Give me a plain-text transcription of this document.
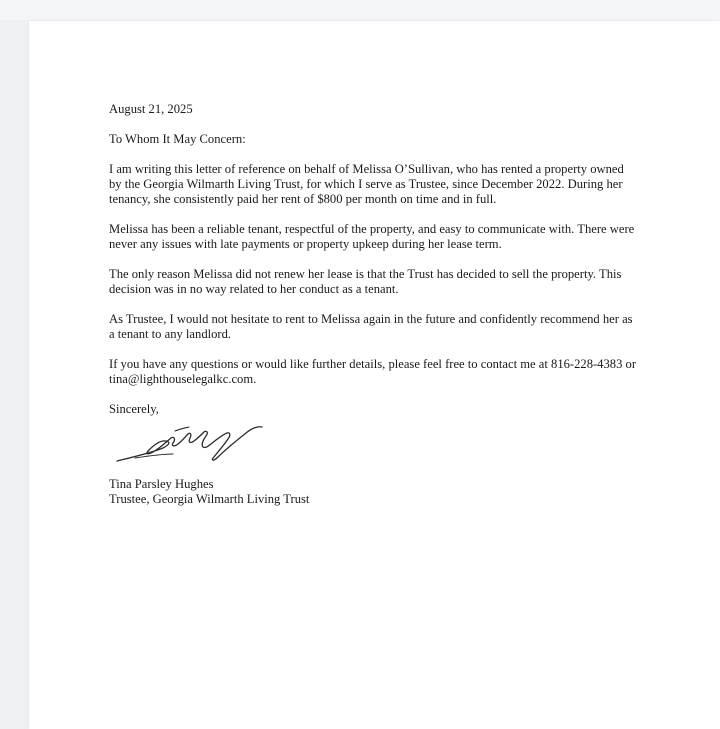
August 21, 2025

To Whom It May Concern:

I am writing this letter of reference on behalf of Melissa O’Sullivan, who has rented a property owned by the Georgia Wilmarth Living Trust, for which I serve as Trustee, since December 2022. During her tenancy, she consistently paid her rent of $800 per month on time and in full.

Melissa has been a reliable tenant, respectful of the property, and easy to communicate with. There were never any issues with late payments or property upkeep during her lease term.

The only reason Melissa did not renew her lease is that the Trust has decided to sell the property. This decision was in no way related to her conduct as a tenant.

As Trustee, I would not hesitate to rent to Melissa again in the future and confidently recommend her as a tenant to any landlord.

If you have any questions or would like further details, please feel free to contact me at 816-228-4383 or tina@lighthouselegalkc.com.

Sincerely,

Tina Parsley Hughes
Trustee, Georgia Wilmarth Living Trust
